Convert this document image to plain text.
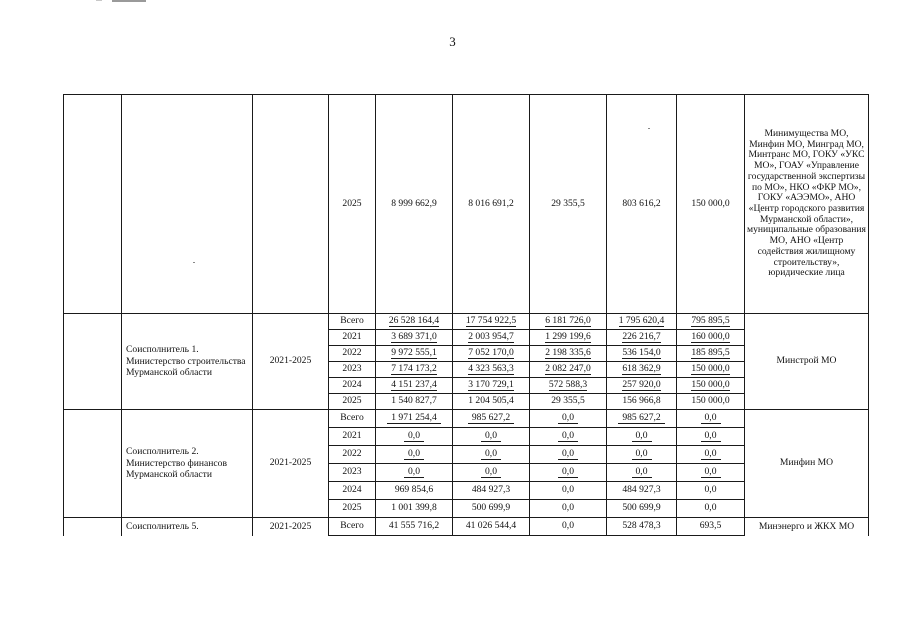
3
			2025	8 999 662,9	8 016 691,2	29 355,5	803 616,2	150 000,0	Минимущества МО, Минфин МО, Минград МО, Минтранс МО, ГОКУ «УКС МО», ГОАУ «Управление государственной экспертизы по МО», НКО «ФКР МО», ГОКУ «АЭЭМО», АНО «Центр городского развития Мурманской области», муниципальные образования МО, АНО «Центр содействия жилищному строительству», юридические лица
	Соисполнитель 1. Министерство строительства Мурманской области	2021-2025	Всего	26 528 164,4	17 754 922,5	6 181 726,0	1 795 620,4	795 895,5	Минстрой МО
			2021	3 689 371,0	2 003 954,7	1 299 199,6	226 216,7	160 000,0	
			2022	9 972 555,1	7 052 170,0	2 198 335,6	536 154,0	185 895,5	
			2023	7 174 173,2	4 323 563,3	2 082 247,0	618 362,9	150 000,0	
			2024	4 151 237,4	3 170 729,1	572 588,3	257 920,0	150 000,0	
			2025	1 540 827,7	1 204 505,4	29 355,5	156 966,8	150 000,0	
	Соисполнитель 2. Министерство финансов Мурманской области	2021-2025	Всего	1 971 254,4	985 627,2	0,0	985 627,2	0,0	Минфин МО
			2021	0,0	0,0	0,0	0,0	0,0	
			2022	0,0	0,0	0,0	0,0	0,0	
			2023	0,0	0,0	0,0	0,0	0,0	
			2024	969 854,6	484 927,3	0,0	484 927,3	0,0	
			2025	1 001 399,8	500 699,9	0,0	500 699,9	0,0	
	Соисполнитель 5.	2021-2025	Всего	41 555 716,2	41 026 544,4	0,0	528 478,3	693,5	Минэнерго и ЖКХ МО
